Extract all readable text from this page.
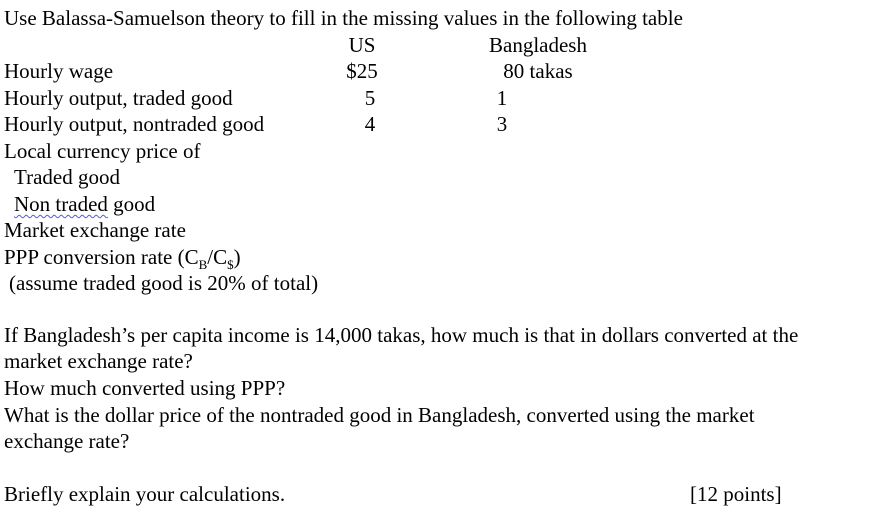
Use Balassa-Samuelson theory to fill in the missing values in the following table
US	Bangladesh
Hourly wage	$25	80 takas
Hourly output, traded good	5	1
Hourly output, nontraded good	4	3
Local currency price of
Traded good
Non traded good
Market exchange rate
PPP conversion rate $(C_B/C_{\$})$
(assume traded good is 20% of total)
If Bangladesh’s per capita income is 14,000 takas, how much is that in dollars converted at the
market exchange rate?
How much converted using PPP?
What is the dollar price of the nontraded good in Bangladesh, converted using the market
exchange rate?
Briefly explain your calculations.	[12 points]
